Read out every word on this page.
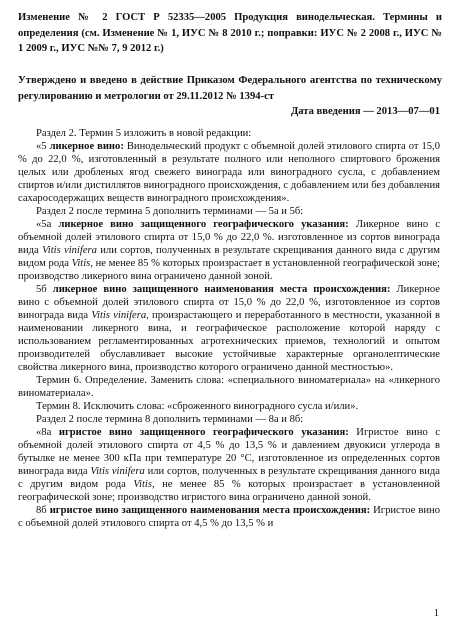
Изменение № 2 ГОСТ Р 52335—2005 Продукция винодельческая. Термины и определения (см. Изменение № 1, ИУС № 8 2010 г.; поправки: ИУС № 2 2008 г., ИУС № 1 2009 г., ИУС №№ 7, 9 2012 г.)
Утверждено и введено в действие Приказом Федерального агентства по техническому регулированию и метрологии от 29.11.2012 № 1394-ст
Дата введения — 2013—07—01

Раздел 2. Термин 5 изложить в новой редакции:

«5 ликерное вино: Винодельческий продукт с объемной долей этилового спирта от 15,0 % до 22,0 %, изготовленный в результате полного или неполного спиртового брожения целых или дробленых ягод свежего винограда или виноградного сусла, с добавлением спиртов и/или дистиллятов винограднoго происхождения, с добавлением или без добавления сахаросодержащих веществ виноградного происхождения».

Раздел 2 после термина 5 дополнить терминами — 5а и 5б:

«5а ликерное вино защищенного географического указания: Ликерное вино с объемной долей этилового спирта от 15,0 % до 22,0 %. изготовленное из сортов винограда вида Vitis vinifera или сортов, полученных в результате скрещивания данного вида с другим видом рода Vitis, не менее 85 % которых произрастает в установленной географической зоне; производство ликерного вина ограничено данной зоной.

5б ликерное вино защищенного наименования места происхождения: Ликерное вино с объемной долей этилового спирта от 15,0 % до 22,0 %, изготовленное из сортов винограда вида Vitis vinifera, произрастающего и переработанного в местности, указанной в наименовании ликерного вина, и географическое расположение которой наряду с использованием регламентированных агротехнических приемов, технологий и опытом производителей обуславливает высокие устойчивые характерные органолептические свойства ликерного вина, производство которого ограничено данной местностью».

Термин 6. Определение. Заменить слова: «специального виноматериала» на «ликерного виноматериала».

Термин 8. Исключить слова: «сброженного виноградного сусла и/или».

Раздел 2 после термина 8 дополнить терминами — 8а и 8б:

«8а игристое вино защищенного географического указания: Игристое вино с объемной долей этилового спирта от 4,5 % до 13,5 % и давлением двуокиси углерода в бутылке не менее 300 кПа при температуре 20 °С, изготовленное из определенных сортов винограда вида Vitis vinifera или сортов, полученных в результате скрещивания данного вида с другим видом рода Vitis, не менее 85 % которых произрастает в установленной географической зоне; производство игристого вина ограничено данной зоной.

8б игристое вино защищенного наименования места происхождения: Игристое вино с объемной долей этилового спирта от 4,5 % до 13,5 % и

1
